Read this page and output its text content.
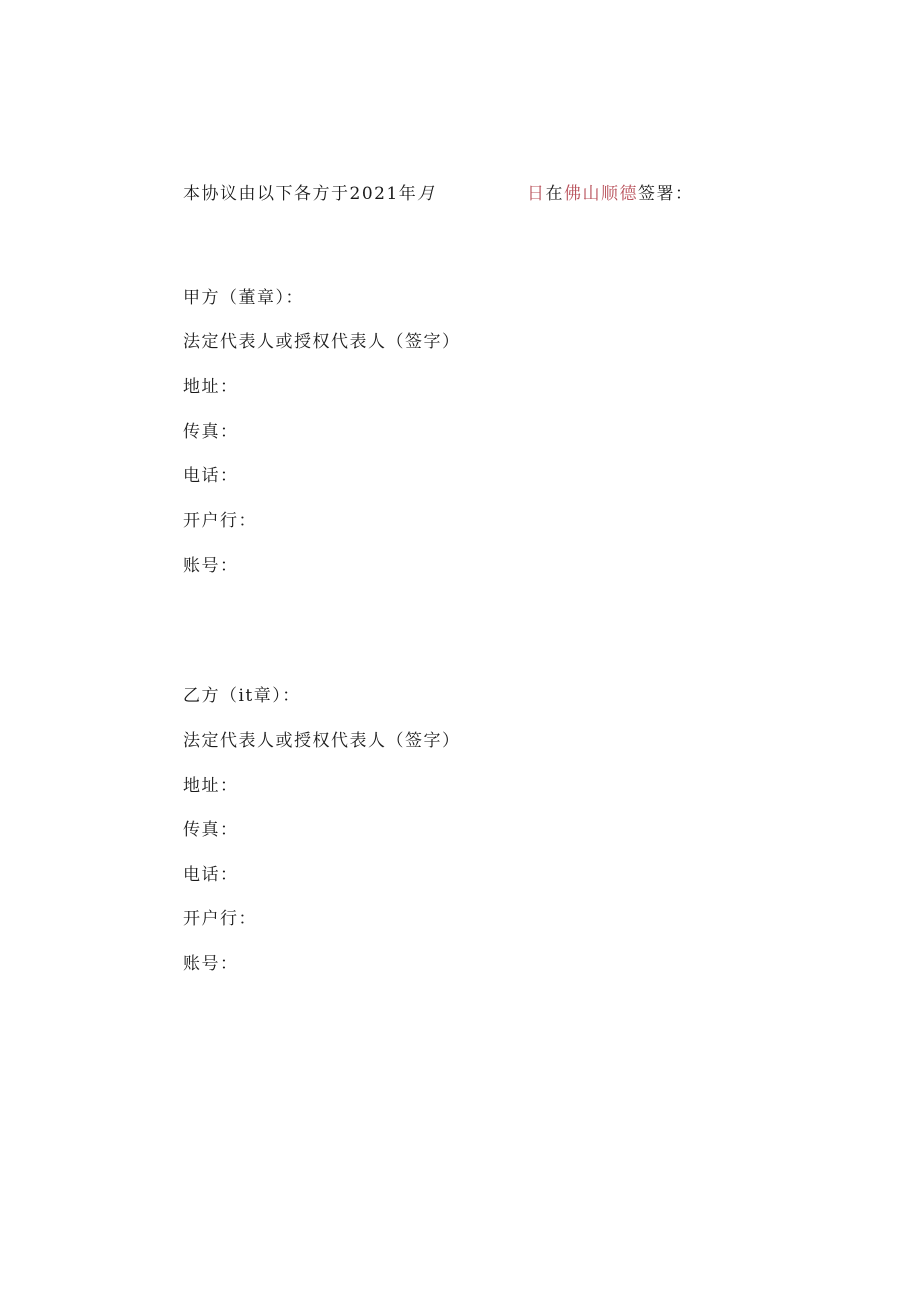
本协议由以下各方于2021年月	日在佛山顺德签署：
甲方（董章）：
法定代表人或授权代表人（签字）
地址：
传真：
电话：
开户行：
账号：
乙方（it章）：
法定代表人或授权代表人（签字）
地址：
传真：
电话：
开户行：
账号：
